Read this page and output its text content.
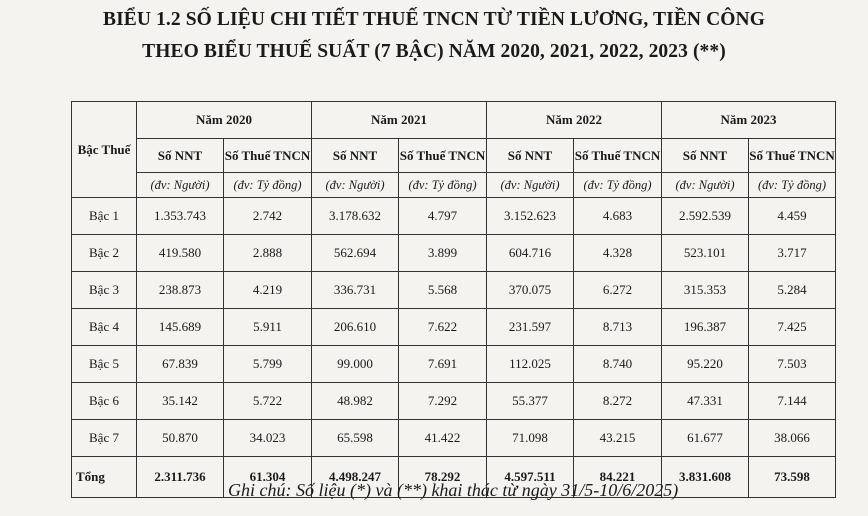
BIỂU 1.2 SỐ LIỆU CHI TIẾT THUẾ TNCN TỪ TIỀN LƯƠNG, TIỀN CÔNG
THEO BIỂU THUẾ SUẤT (7 BẬC) NĂM 2020, 2021, 2022, 2023 (**)
Bậc Thuế	Năm 2020		Năm 2021		Năm 2022		Năm 2023	
	Số NNT	Số Thuế TNCN	Số NNT	Số Thuế TNCN	Số NNT	Số Thuế TNCN	Số NNT	Số Thuế TNCN
	(đv: Người)	(đv: Tỷ đồng)	(đv: Người)	(đv: Tỷ đồng)	(đv: Người)	(đv: Tỷ đồng)	(đv: Người)	(đv: Tỷ đồng)
Bậc 1	1.353.743	2.742	3.178.632	4.797	3.152.623	4.683	2.592.539	4.459
Bậc 2	419.580	2.888	562.694	3.899	604.716	4.328	523.101	3.717
Bậc 3	238.873	4.219	336.731	5.568	370.075	6.272	315.353	5.284
Bậc 4	145.689	5.911	206.610	7.622	231.597	8.713	196.387	7.425
Bậc 5	67.839	5.799	99.000	7.691	112.025	8.740	95.220	7.503
Bậc 6	35.142	5.722	48.982	7.292	55.377	8.272	47.331	7.144
Bậc 7	50.870	34.023	65.598	41.422	71.098	43.215	61.677	38.066
Tổng	2.311.736	61.304	4.498.247	78.292	4.597.511	84.221	3.831.608	73.598
Ghi chú: Số liệu (*) và (**) khai thác từ ngày 31/5-10/6/2025)
